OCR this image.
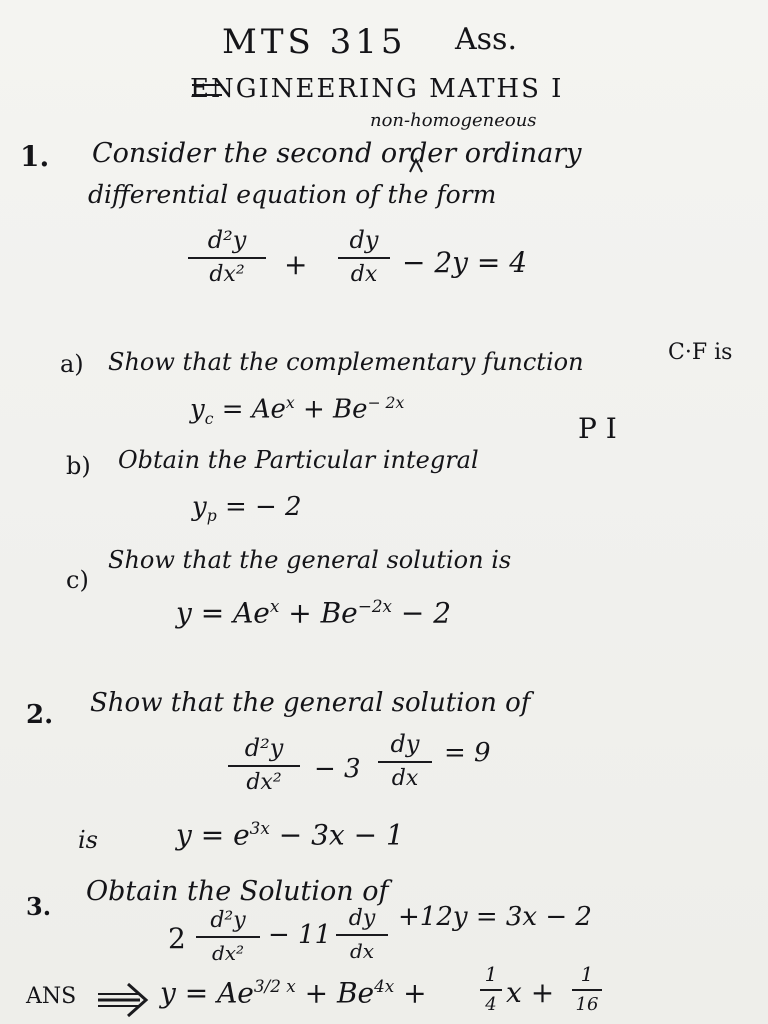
MTS 315 Ass.
ENGINEERING MATHS I
1.
non-homogeneous
Consider the second order ordinary
differential equation of the form
d²y
dx²	+
dy
dx − 2y = 4
a) Show that the complementary function	C·F is
$y_c = Ae^x + Be^{- 2x}$
b) Obtain the Particular integral
P I
$y_p$ = − 2
c)
Show that the general solution is
$y = Ae^x + Be^{-2x} - 2$
2. Show that the general solution of
d²y
dx²	− 3
dy
dx
= 9
is	$y = e^{3x} - 3x - 1$
3. Obtain the Solution of
2
d²y
dx²
− 11
dy
dx
+12y = 3x − 2
ANS	$y = Ae^{3/2 x} + Be^{4x}$ +
1
4 x +
1
16
